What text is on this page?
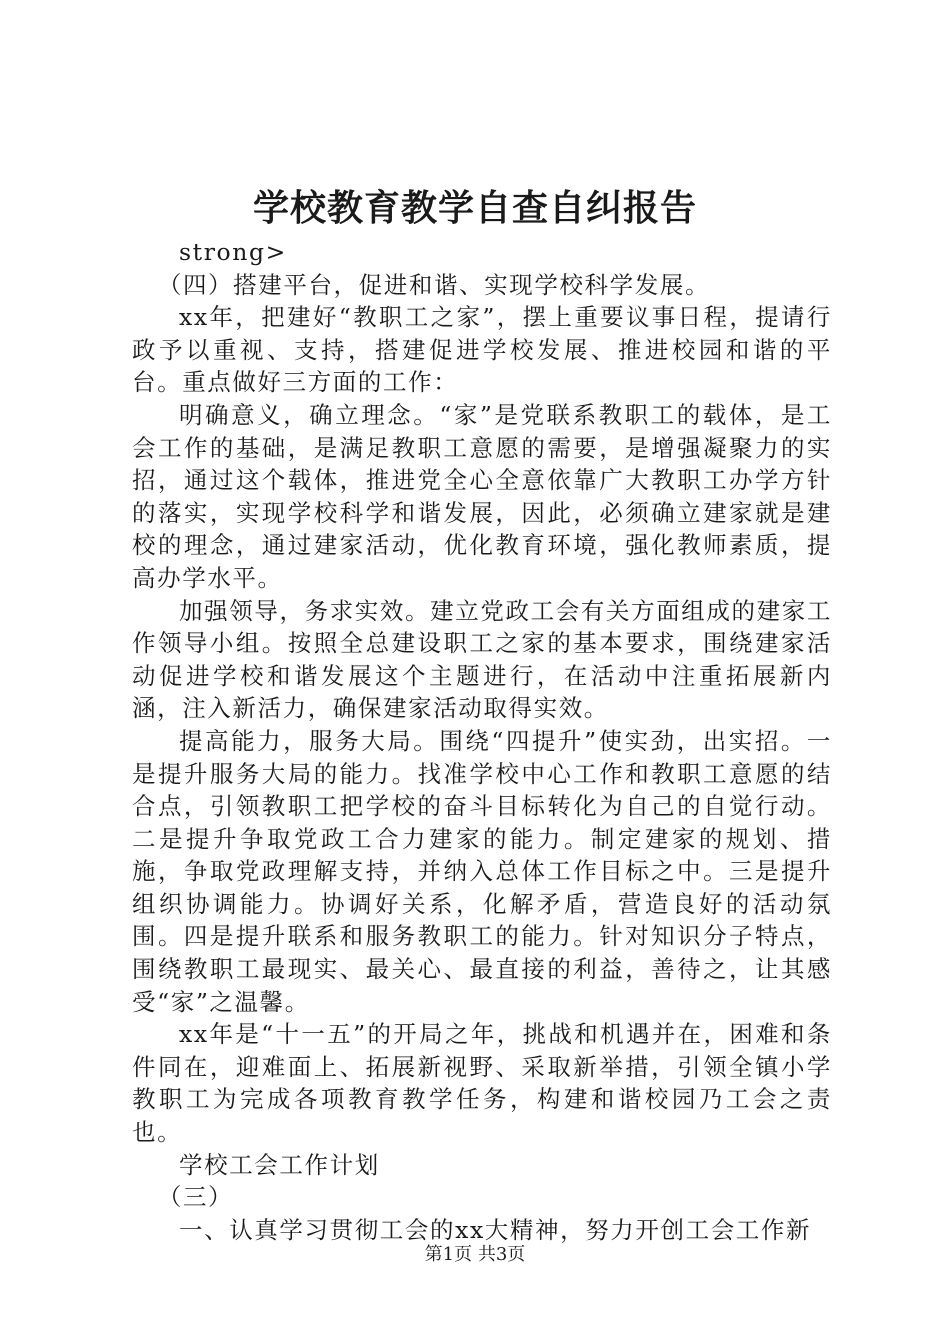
学校教育教学自查自纠报告

strong>

（四）搭建平台，促进和谐、实现学校科学发展。

xx年，把建好“教职工之家”，摆上重要议事日程，提请行政予以重视、支持，搭建促进学校发展、推进校园和谐的平台。重点做好三方面的工作：

明确意义，确立理念。“家”是党联系教职工的载体，是工会工作的基础，是满足教职工意愿的需要，是增强凝聚力的实招，通过这个载体，推进党全心全意依靠广大教职工办学方针的落实，实现学校科学和谐发展，因此，必须确立建家就是建校的理念，通过建家活动，优化教育环境，强化教师素质，提高办学水平。

加强领导，务求实效。建立党政工会有关方面组成的建家工作领导小组。按照全总建设职工之家的基本要求，围绕建家活动促进学校和谐发展这个主题进行，在活动中注重拓展新内涵，注入新活力，确保建家活动取得实效。

提高能力，服务大局。围绕“四提升”使实劲，出实招。一是提升服务大局的能力。找准学校中心工作和教职工意愿的结合点，引领教职工把学校的奋斗目标转化为自己的自觉行动。二是提升争取党政工合力建家的能力。制定建家的规划、措施，争取党政理解支持，并纳入总体工作目标之中。三是提升组织协调能力。协调好关系，化解矛盾，营造良好的活动氛围。四是提升联系和服务教职工的能力。针对知识分子特点，围绕教职工最现实、最关心、最直接的利益，善待之，让其感受“家”之温馨。

xx年是“十一五”的开局之年，挑战和机遇并在，困难和条件同在，迎难面上、拓展新视野、采取新举措，引领全镇小学教职工为完成各项教育教学任务，构建和谐校园乃工会之责也。

学校工会工作计划

（三）

一、认真学习贯彻工会的xx大精神，努力开创工会工作新

第1页 共3页
